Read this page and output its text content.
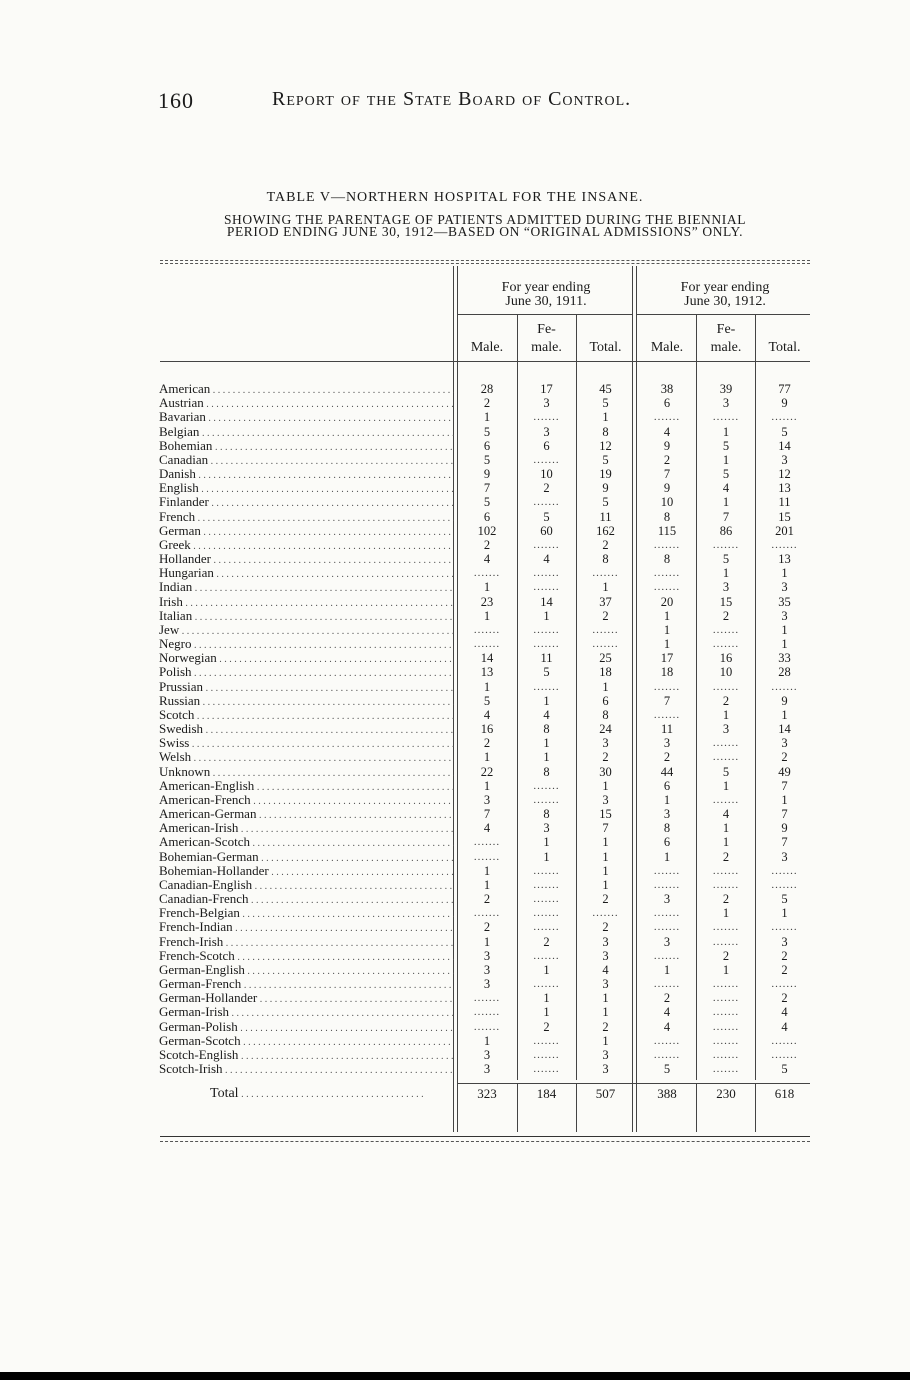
160	Report of the State Board of Control.
TABLE V—NORTHERN HOSPITAL FOR THE INSANE.
SHOWING THE PARENTAGE OF PATIENTS ADMITTED DURING THE BIENNIAL
PERIOD ENDING JUNE 30, 1912—BASED ON “ORIGINAL ADMISSIONS” ONLY.
For year ending
June 30, 1911.
For year ending
June 30, 1912.

Male.
Fe-
male.
	Total.
	Male.
Fe-
male.
	Total.
American . . .	28	17	45	38	39	77
Austrian . . .	2	3	5	6	3	9
Bavarian . . .	1	.......	1	.......	.......	.......
Belgian . . .	5	3	8	4	1	5
Bohemian . . .	6	6	12	9	5	14
Canadian . . .	5	.......	5	2	1	3
Danish . . .	9	10	19	7	5	12
English . . .	7	2	9	9	4	13
Finlander . . .	5	.......	5	10	1	11
French . . .	6	5	11	8	7	15
German . . .	102	60	162	115	86	201
Greek . . .	2	.......	2	.......	.......	.......
Hollander . . .	4	4	8	8	5	13
Hungarian . . .	.......	.......	.......	.......	1	1
Indian . . .	1	.......	1	.......	3	3
Irish . . .	23	14	37	20	15	35
Italian . . .	1	1	2	1	2	3
Jew . . .	.......	.......	.......	1	.......	1
Negro . . .	.......	.......	.......	1	.......	1
Norwegian . . .	14	11	25	17	16	33
Polish . . .	13	5	18	18	10	28
Prussian . . .	1	.......	1	.......	.......	.......
Russian . . .	5	1	6	7	2	9
Scotch . . .	4	4	8	.......	1	1
Swedish . . .	16	8	24	11	3	14
Swiss . . .	2	1	3	3	.......	3
Welsh . . .	1	1	2	2	.......	2
Unknown . . .	22	8	30	44	5	49
American-English . . .	1	.......	1	6	1	7
American-French . . .	3	.......	3	1	.......	1
American-German . . .	7	8	15	3	4	7
American-Irish . . .	4	3	7	8	1	9
American-Scotch . . .	.......	1	1	6	1	7
Bohemian-German . . .	.......	1	1	1	2	3
Bohemian-Hollander . . .	1	.......	1	.......	.......	.......
Canadian-English . . .	1	.......	1	.......	.......	.......
Canadian-French . . .	2	.......	2	3	2	5
French-Belgian . . .	.......	.......	.......	.......	1	1
French-Indian . . .	2	.......	2	.......	.......	.......
French-Irish . . .	1	2	3	3	.......	3
French-Scotch . . .	3	.......	3	.......	2	2
German-English . . .	3	1	4	1	1	2
German-French . . .	3	.......	3	.......	.......	.......
German-Hollander . . .	.......	1	1	2	.......	2
German-Irish . . .	.......	1	1	4	.......	4
German-Polish . . .	.......	2	2	4	.......	4
German-Scotch . . .	1	.......	1	.......	.......	.......
Scotch-English . . .	3	.......	3	.......	.......	.......
Scotch-Irish . . .	3	.......	3	5	.......	5
Total . . . . . . . . . . . . . . . . . . . . . . . . . . . . . . . . . . . . .	323	184	507	388	230	618
